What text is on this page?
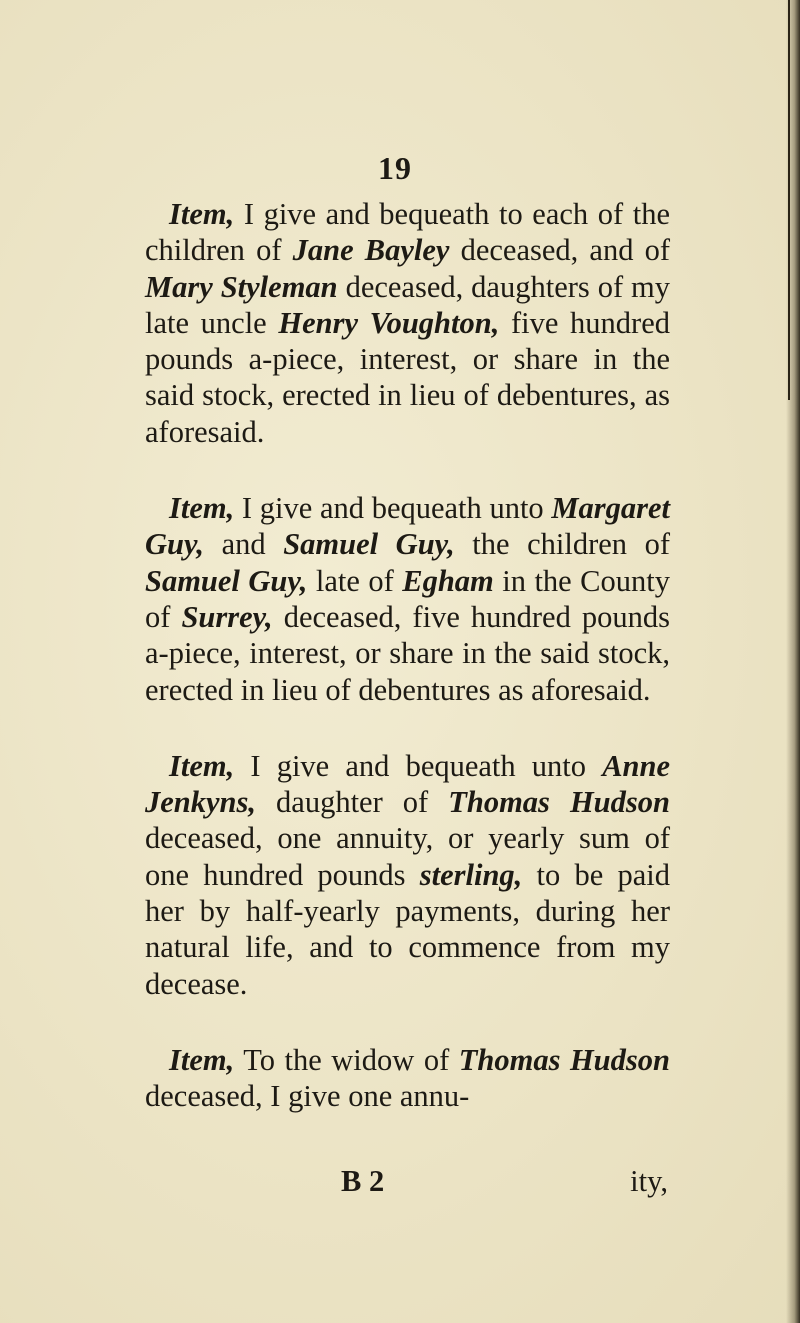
19

Item, I give and bequeath to each of the children of Jane Bayley deceased, and of Mary Styleman deceased, daughters of my late uncle Henry Voughton, five hundred pounds a-piece, interest, or share in the said stock, erected in lieu of debentures, as aforesaid.

Item, I give and bequeath unto Margaret Guy, and Samuel Guy, the children of Samuel Guy, late of Egham in the County of Surrey, deceased, five hundred pounds a-piece, interest, or share in the said stock, erected in lieu of debentures as aforesaid.

Item, I give and bequeath unto Anne Jenkyns, daughter of Thomas Hudson deceased, one annuity, or yearly sum of one hundred pounds sterling, to be paid her by half-yearly payments, during her natural life, and to commence from my decease.

Item, To the widow of Thomas Hudson deceased, I give one annu-

B 2	ity,
